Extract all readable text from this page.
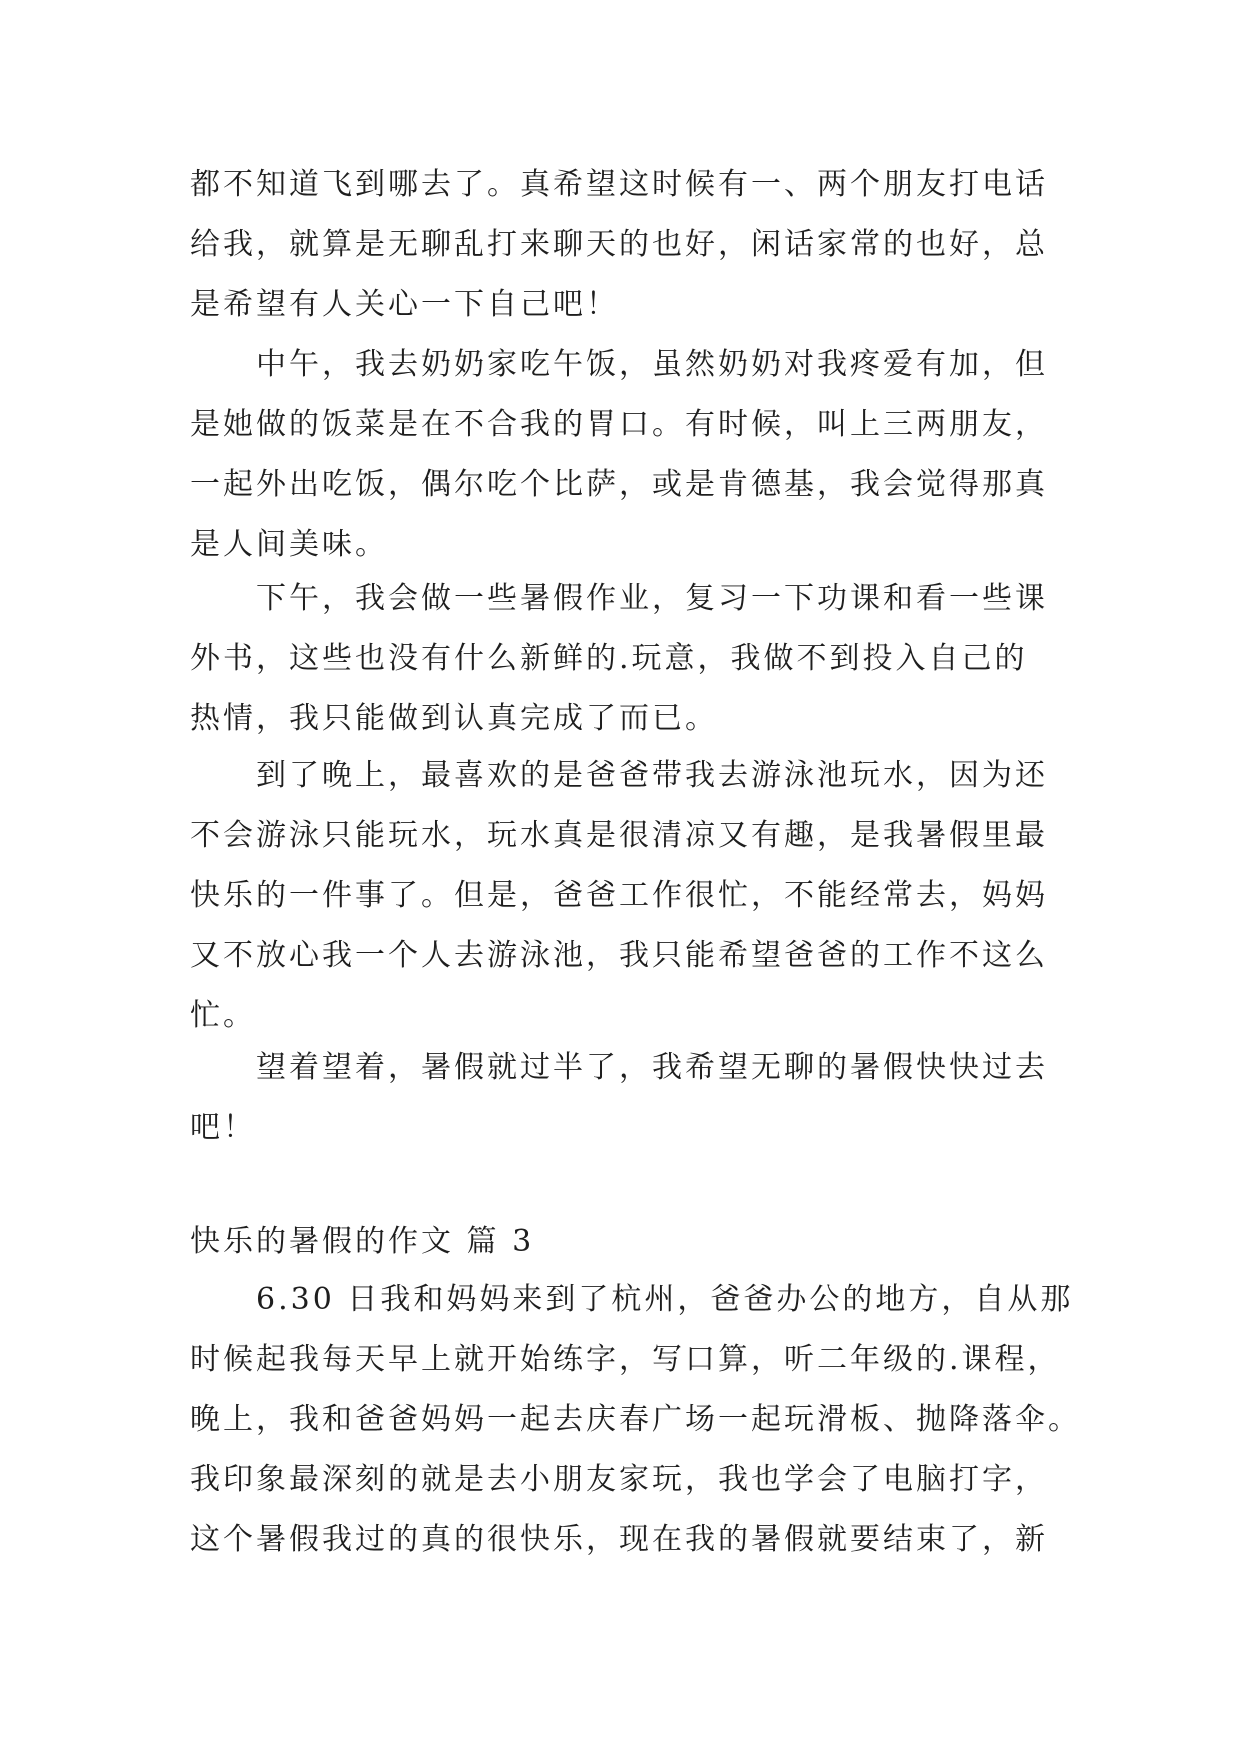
都不知道飞到哪去了。真希望这时候有一、两个朋友打电话
给我，就算是无聊乱打来聊天的也好，闲话家常的也好，总
是希望有人关心一下自己吧！

中午，我去奶奶家吃午饭，虽然奶奶对我疼爱有加，但
是她做的饭菜是在不合我的胃口。有时候，叫上三两朋友，
一起外出吃饭，偶尔吃个比萨，或是肯德基，我会觉得那真
是人间美味。

下午，我会做一些暑假作业，复习一下功课和看一些课
外书，这些也没有什么新鲜的.玩意，我做不到投入自己的
热情，我只能做到认真完成了而已。

到了晚上，最喜欢的是爸爸带我去游泳池玩水，因为还
不会游泳只能玩水，玩水真是很清凉又有趣，是我暑假里最
快乐的一件事了。但是，爸爸工作很忙，不能经常去，妈妈
又不放心我一个人去游泳池，我只能希望爸爸的工作不这么
忙。

望着望着，暑假就过半了，我希望无聊的暑假快快过去
吧！

快乐的暑假的作文 篇 3

6.30 日我和妈妈来到了杭州，爸爸办公的地方，自从那
时候起我每天早上就开始练字，写口算，听二年级的.课程，
晚上，我和爸爸妈妈一起去庆春广场一起玩滑板、抛降落伞。
我印象最深刻的就是去小朋友家玩，我也学会了电脑打字，
这个暑假我过的真的很快乐，现在我的暑假就要结束了，新
